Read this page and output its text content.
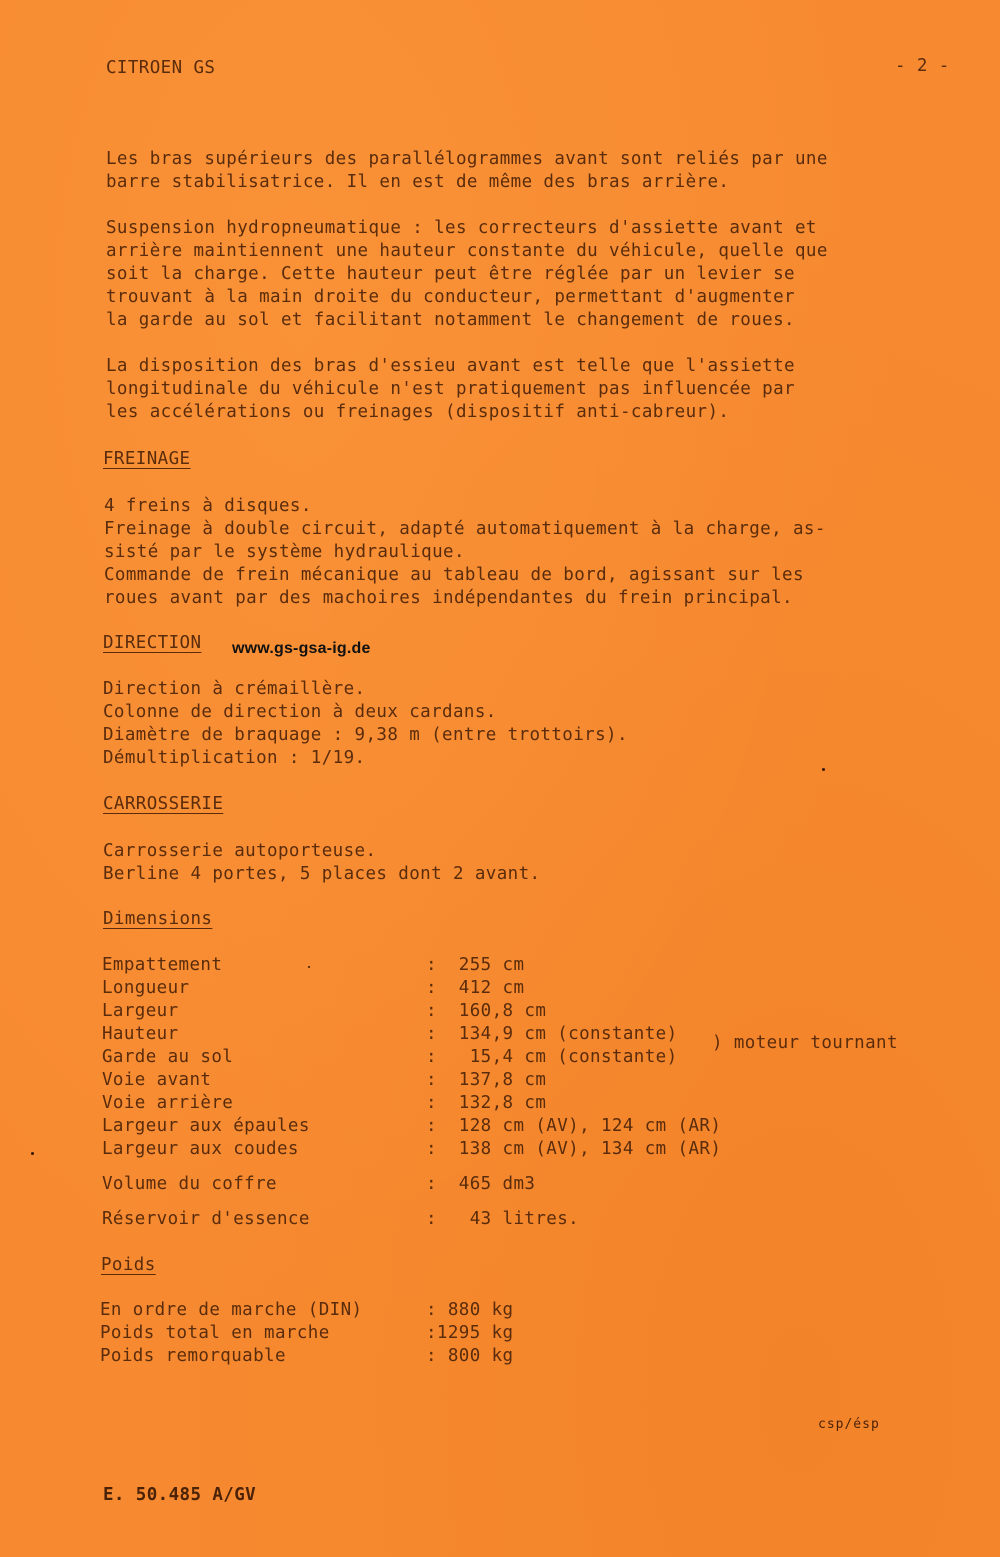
CITROEN GS	- 2 -
Les bras supérieurs des parallélogrammes avant sont reliés par une
barre stabilisatrice. Il en est de même des bras arrière.
Suspension hydropneumatique : les correcteurs d'assiette avant et
arrière maintiennent une hauteur constante du véhicule, quelle que
soit la charge. Cette hauteur peut être réglée par un levier se
trouvant à la main droite du conducteur, permettant d'augmenter
la garde au sol et facilitant notamment le changement de roues.
La disposition des bras d'essieu avant est telle que l'assiette
longitudinale du véhicule n'est pratiquement pas influencée par
les accélérations ou freinages (dispositif anti-cabreur).
FREINAGE
4 freins à disques.
Freinage à double circuit, adapté automatiquement à la charge, as-
sisté par le système hydraulique.
Commande de frein mécanique au tableau de bord, agissant sur les
roues avant par des machoires indépendantes du frein principal.
DIRECTION www.gs-gsa-ig.de
Direction à crémaillère.
Colonne de direction à deux cardans.
Diamètre de braquage : 9,38 m (entre trottoirs).
Démultiplication : 1/19.
CARROSSERIE
Carrosserie autoporteuse.
Berline 4 portes, 5 places dont 2 avant.
Dimensions
Empattement	:  255 cm
Longueur	:  412 cm
Largeur	:  160,8 cm
Hauteur	:  134,9 cm (constante)
Garde au sol	:   15,4 cm (constante)
) moteur tournant
Voie avant	:  137,8 cm
Voie arrière	:  132,8 cm
Largeur aux épaules	:  128 cm (AV), 124 cm (AR)
Largeur aux coudes	:  138 cm (AV), 134 cm (AR)
Volume du coffre	:  465 dm3
Réservoir d'essence	:   43 litres.
Poids
En ordre de marche (DIN)	: 880 kg
Poids total en marche	:1295 kg
Poids remorquable	: 800 kg
csp/ésp
E. 50.485 A/GV
